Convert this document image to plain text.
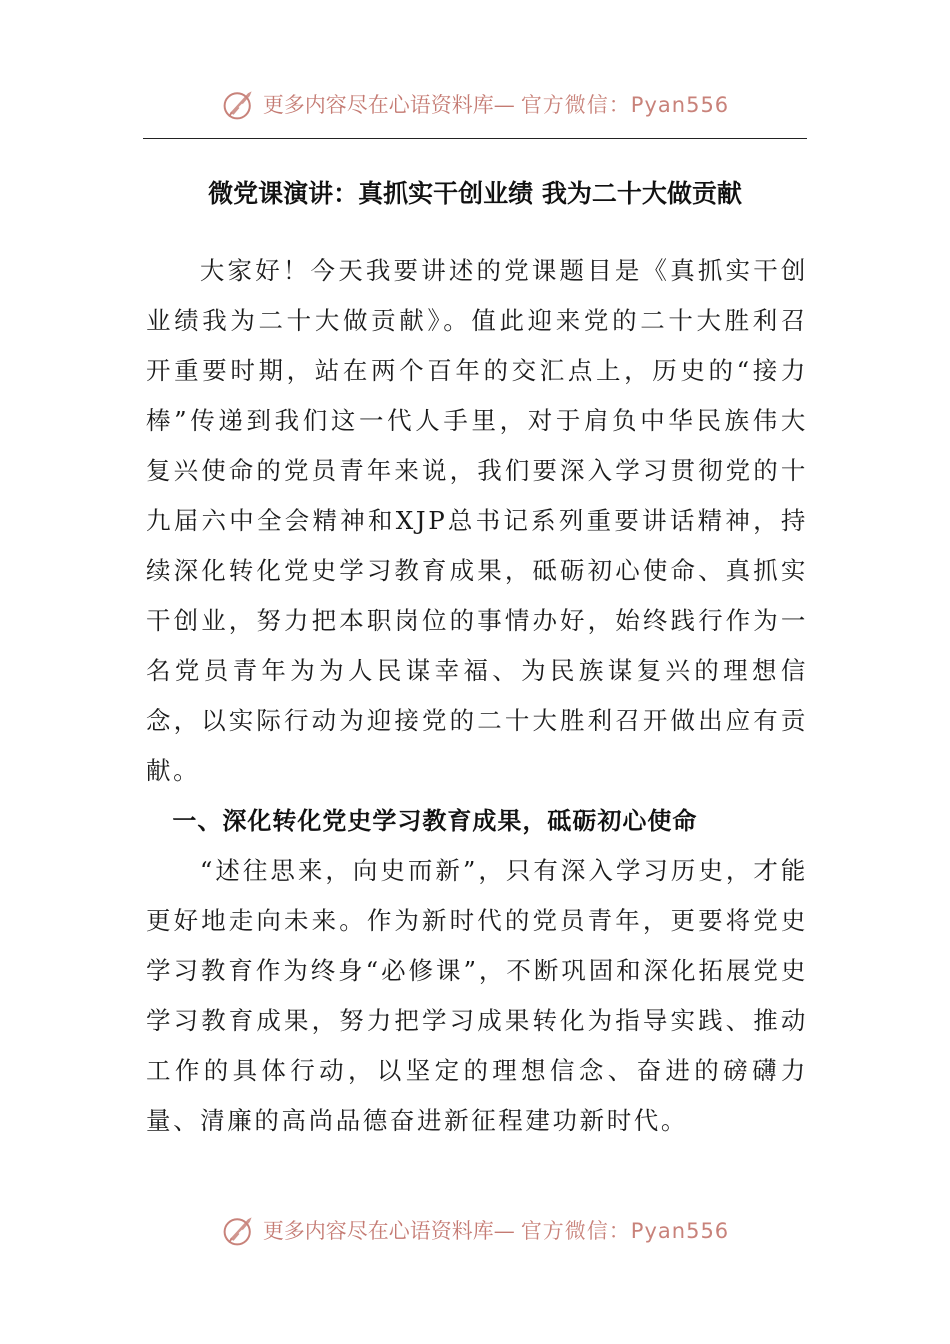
更多内容尽在心语资料库— 官方微信：Pyan556
微党课演讲：真抓实干创业绩 我为二十大做贡献

大家好！今天我要讲述的党课题目是《真抓实干创业绩我为二十大做贡献》。值此迎来党的二十大胜利召开重要时期，站在两个百年的交汇点上，历史的“接力棒”传递到我们这一代人手里，对于肩负中华民族伟大复兴使命的党员青年来说，我们要深入学习贯彻党的十九届六中全会精神和XJP总书记系列重要讲话精神，持续深化转化党史学习教育成果，砥砺初心使命、真抓实干创业，努力把本职岗位的事情办好，始终践行作为一名党员青年为为人民谋幸福、为民族谋复兴的理想信念，以实际行动为迎接党的二十大胜利召开做出应有贡献。

一、深化转化党史学习教育成果，砥砺初心使命

“述往思来，向史而新”，只有深入学习历史，才能更好地走向未来。作为新时代的党员青年，更要将党史学习教育作为终身“必修课”，不断巩固和深化拓展党史学习教育成果，努力把学习成果转化为指导实践、推动工作的具体行动，以坚定的理想信念、奋进的磅礴力量、清廉的高尚品德奋进新征程建功新时代。

更多内容尽在心语资料库— 官方微信：Pyan556
